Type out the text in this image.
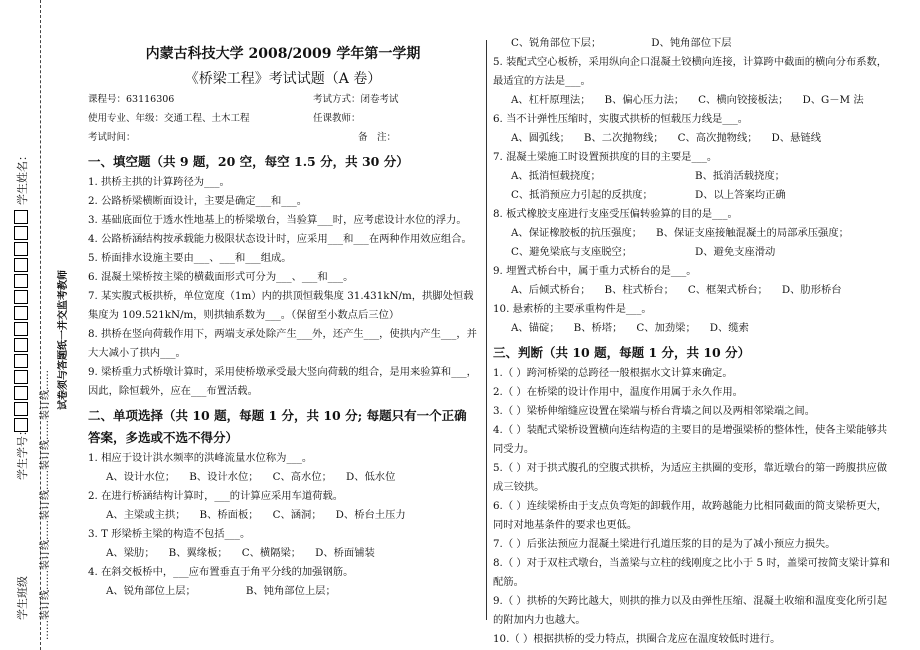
……装订线……装订线……装订线……装订线……装订线……
学生姓名：
学生学号：
学生班级
试卷须与答题纸一并交监考教师
内蒙古科技大学 2008/2009 学年第一学期
《桥梁工程》考试试题（A 卷）
课程号：63116306	考试方式：闭卷考试
使用专业、年级：交通工程、土木工程	任课教师：
考试时间：	备　注：
一、填空题（共 9 题，20 空，每空 1.5 分，共 30 分）

1. 拱桥主拱的计算跨径为___。

2. 公路桥梁横断面设计，主要是确定___和___。

3. 基础底面位于透水性地基上的桥梁墩台，当验算___时，应考虑设计水位的浮力。

4. 公路桥涵结构按承载能力极限状态设计时，应采用___和___在两种作用效应组合。

5. 桥面排水设施主要由___、___和___组成。

6. 混凝土梁桥按主梁的横截面形式可分为___、___和___。

7. 某实腹式板拱桥，单位宽度（1m）内的拱顶恒载集度 31.431kN/m，拱脚处恒载集度为 109.521kN/m，则拱轴系数为___。（保留至小数点后三位）

8. 拱桥在竖向荷载作用下，两端支承处除产生___外，还产生___，使拱内产生___，并大大减小了拱内___。

9. 梁桥重力式桥墩计算时，采用使桥墩承受最大竖向荷载的组合，是用来验算和___，因此，除恒载外，应在___布置活载。

二、单项选择（共 10 题，每题 1 分，共 10 分; 每题只有一个正确答案，多选或不选不得分）

1. 相应于设计洪水频率的洪峰流量水位称为___。

A、设计水位； B、设计水位； C、高水位； D、低水位

2. 在进行桥涵结构计算时，___的计算应采用车道荷载。

A、主梁或主拱； B、桥面板； C、涵洞； D、桥台土压力

3. T 形梁桥主梁的构造不包括___。

A、梁肋； B、翼缘板； C、横隔梁； D、桥面铺装

4. 在斜交板桥中，___应布置垂直于角平分线的加强钢筋。

A、锐角部位上层；	B、钝角部位上层；
C、锐角部位下层；	D、钝角部位下层

5. 装配式空心板桥，采用纵向企口混凝土铰横向连接，计算跨中截面的横向分布系数，最适宜的方法是___。

A、杠杆原理法； B、偏心压力法； C、横向铰接板法； D、G－M 法

6. 当不计弹性压缩时，实腹式拱桥的恒载压力线是___。

A、圆弧线； B、二次抛物线； C、高次抛物线； D、悬链线

7. 混凝土梁施工时设置预拱度的目的主要是___。

A、抵消恒载挠度；	B、抵消活载挠度；
C、抵消预应力引起的反拱度；	D、以上答案均正确

8. 板式橡胶支座进行支座受压偏转验算的目的是___。

A、保证橡胶板的抗压强度； B、保证支座接触混凝土的局部承压强度；
C、避免梁底与支座脱空；	D、避免支座滑动

9. 埋置式桥台中，属于重力式桥台的是___。

A、后倾式桥台； B、柱式桥台； C、框架式桥台； D、肋形桥台

10. 悬索桥的主要承重构件是___。

A、锚碇； B、桥塔； C、加劲梁； D、缆索
三、判断（共 10 题，每题 1 分，共 10 分）

1.（ ）跨河桥梁的总跨径一般根据水文计算来确定。

2.（ ）在桥梁的设计作用中，温度作用属于永久作用。

3.（ ）梁桥伸缩缝应设置在梁端与桥台背墙之间以及两相邻梁端之间。

4.（ ）装配式梁桥设置横向连结构造的主要目的是增强梁桥的整体性，使各主梁能够共同受力。

5.（ ）对于拱式腹孔的空腹式拱桥，为适应主拱圈的变形，靠近墩台的第一跨腹拱应做成三铰拱。

6.（ ）连续梁桥由于支点负弯矩的卸载作用，故跨越能力比相同截面的简支梁桥更大，同时对地基条件的要求也更低。

7.（ ）后张法预应力混凝土梁进行孔道压浆的目的是为了减小预应力损失。

8.（ ）对于双柱式墩台，当盖梁与立柱的线刚度之比小于 5 时，盖梁可按简支梁计算和配筋。

9.（ ）拱桥的矢跨比越大，则拱的推力以及由弹性压缩、混凝土收缩和温度变化所引起的附加内力也越大。

10.（ ）根据拱桥的受力特点，拱圈合龙应在温度较低时进行。
